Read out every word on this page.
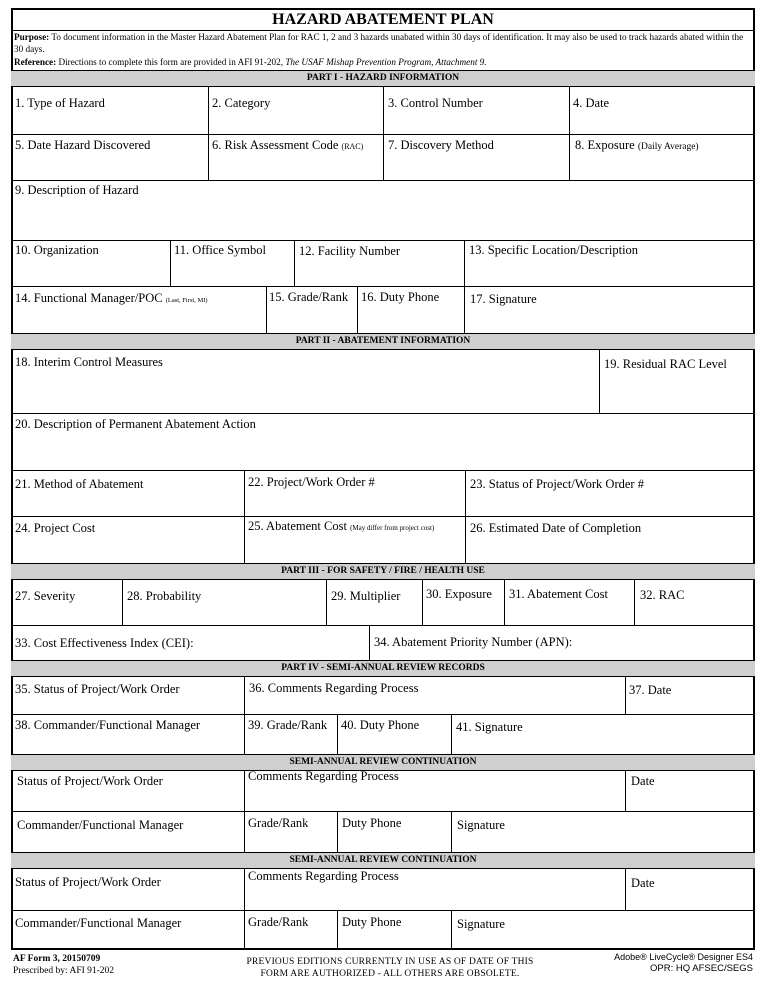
HAZARD ABATEMENT PLAN
Purpose: To document information in the Master Hazard Abatement Plan for RAC 1, 2 and 3 hazards unabated within 30 days of identification. It may also be used to track hazards abated within the 30 days.
Reference: Directions to complete this form are provided in AFI 91-202, The USAF Mishap Prevention Program, Attachment 9.
PART I - HAZARD INFORMATION
1. Type of Hazard	2. Category	3. Control Number	4. Date
5. Date Hazard Discovered	6. Risk Assessment Code (RAC) 7. Discovery Method	8. Exposure (Daily Average)
9. Description of Hazard
10. Organization	11. Office Symbol	12. Facility Number	13. Specific Location/Description
14. Functional Manager/POC (Last, First, MI)	15. Grade/Rank 16. Duty Phone 17. Signature
PART II - ABATEMENT INFORMATION
18. Interim Control Measures	19. Residual RAC Level
20. Description of Permanent Abatement Action
21. Method of Abatement	22. Project/Work Order #	23. Status of Project/Work Order #
24. Project Cost	25. Abatement Cost (May differ from project cost)	26. Estimated Date of Completion
PART III - FOR SAFETY / FIRE / HEALTH USE
27. Severity	28. Probability	29. Multiplier 30. Exposure 31. Abatement Cost	32. RAC
33. Cost Effectiveness Index (CEI):	34. Abatement Priority Number (APN):
PART IV - SEMI-ANNUAL REVIEW RECORDS
35. Status of Project/Work Order	36. Comments Regarding Process	37. Date
38. Commander/Functional Manager	39. Grade/Rank 40. Duty Phone	41. Signature
SEMI-ANNUAL REVIEW CONTINUATION
Status of Project/Work Order	Comments Regarding Process	Date
Commander/Functional Manager	Grade/Rank	Duty Phone	Signature
SEMI-ANNUAL REVIEW CONTINUATION
Status of Project/Work Order	Comments Regarding Process	Date
Commander/Functional Manager	Grade/Rank	Duty Phone	Signature
AF Form 3, 20150709
Prescribed by: AFI 91-202
PREVIOUS EDITIONS CURRENTLY IN USE AS OF DATE OF THIS
FORM ARE AUTHORIZED - ALL OTHERS ARE OBSOLETE.
Adobe® LiveCycle® Designer ES4
OPR: HQ AFSEC/SEGS
